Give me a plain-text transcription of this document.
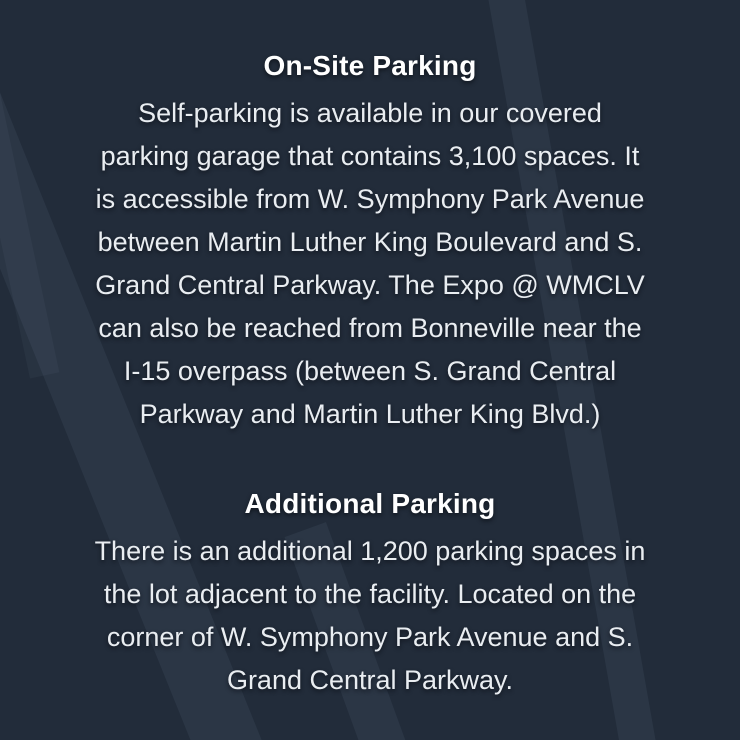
On-Site Parking

Self-parking is available in our covered
parking garage that contains 3,100 spaces. It
is accessible from W. Symphony Park Avenue
between Martin Luther King Boulevard and S.
Grand Central Parkway. The Expo @ WMCLV
can also be reached from Bonneville near the
I-15 overpass (between S. Grand Central
Parkway and Martin Luther King Blvd.)

Additional Parking

There is an additional 1,200 parking spaces in
the lot adjacent to the facility. Located on the
corner of W. Symphony Park Avenue and S.
Grand Central Parkway.
